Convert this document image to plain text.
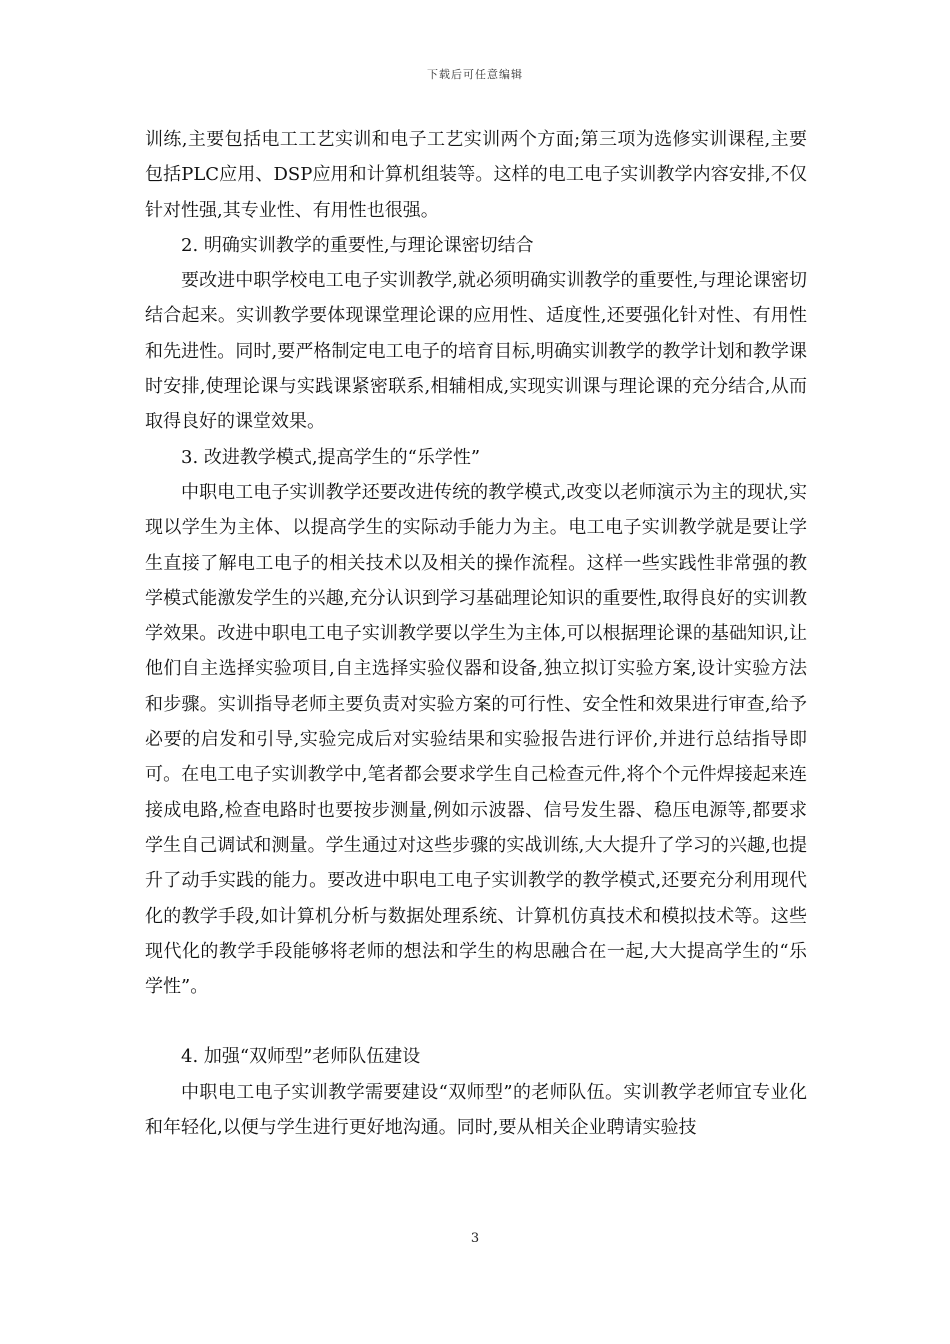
下载后可任意编辑

训练,主要包括电工工艺实训和电子工艺实训两个方面;第三项为选修实训课程,主要包括PLC应用、DSP应用和计算机组装等。这样的电工电子实训教学内容安排,不仅针对性强,其专业性、有用性也很强。

2. 明确实训教学的重要性,与理论课密切结合

要改进中职学校电工电子实训教学,就必须明确实训教学的重要性,与理论课密切结合起来。实训教学要体现课堂理论课的应用性、适度性,还要强化针对性、有用性和先进性。同时,要严格制定电工电子的培育目标,明确实训教学的教学计划和教学课时安排,使理论课与实践课紧密联系,相辅相成,实现实训课与理论课的充分结合,从而取得良好的课堂效果。

3. 改进教学模式,提高学生的“乐学性”

中职电工电子实训教学还要改进传统的教学模式,改变以老师演示为主的现状,实现以学生为主体、以提高学生的实际动手能力为主。电工电子实训教学就是要让学生直接了解电工电子的相关技术以及相关的操作流程。这样一些实践性非常强的教学模式能激发学生的兴趣,充分认识到学习基础理论知识的重要性,取得良好的实训教学效果。改进中职电工电子实训教学要以学生为主体,可以根据理论课的基础知识,让他们自主选择实验项目,自主选择实验仪器和设备,独立拟订实验方案,设计实验方法和步骤。实训指导老师主要负责对实验方案的可行性、安全性和效果进行审查,给予必要的启发和引导,实验完成后对实验结果和实验报告进行评价,并进行总结指导即可。在电工电子实训教学中,笔者都会要求学生自己检查元件,将个个元件焊接起来连接成电路,检查电路时也要按步测量,例如示波器、信号发生器、稳压电源等,都要求学生自己调试和测量。学生通过对这些步骤的实战训练,大大提升了学习的兴趣,也提升了动手实践的能力。要改进中职电工电子实训教学的教学模式,还要充分利用现代化的教学手段,如计算机分析与数据处理系统、计算机仿真技术和模拟技术等。这些现代化的教学手段能够将老师的想法和学生的构思融合在一起,大大提高学生的“乐学性”。

4. 加强“双师型”老师队伍建设

中职电工电子实训教学需要建设“双师型”的老师队伍。实训教学老师宜专业化和年轻化,以便与学生进行更好地沟通。同时,要从相关企业聘请实验技

3
